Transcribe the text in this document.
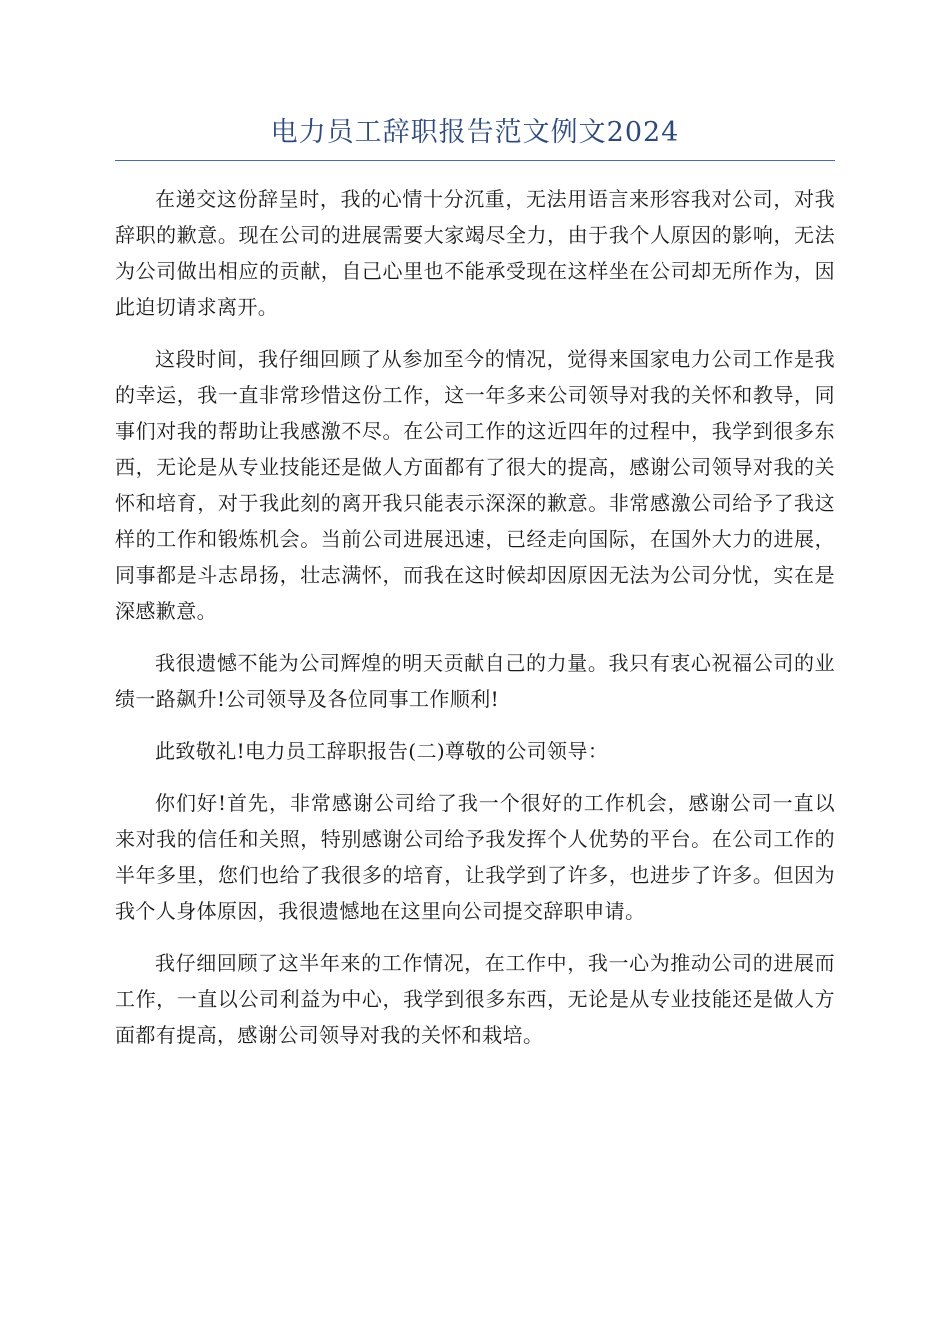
电力员工辞职报告范文例文2024

在递交这份辞呈时，我的心情十分沉重，无法用语言来形容我对公司，对我辞职的歉意。现在公司的进展需要大家竭尽全力，由于我个人原因的影响，无法为公司做出相应的贡献，自己心里也不能承受现在这样坐在公司却无所作为，因此迫切请求离开。

这段时间，我仔细回顾了从参加至今的情况，觉得来国家电力公司工作是我的幸运，我一直非常珍惜这份工作，这一年多来公司领导对我的关怀和教导，同事们对我的帮助让我感激不尽。在公司工作的这近四年的过程中，我学到很多东西，无论是从专业技能还是做人方面都有了很大的提高，感谢公司领导对我的关怀和培育，对于我此刻的离开我只能表示深深的歉意。非常感激公司给予了我这样的工作和锻炼机会。当前公司进展迅速，已经走向国际，在国外大力的进展，同事都是斗志昂扬，壮志满怀，而我在这时候却因原因无法为公司分忧，实在是深感歉意。

我很遗憾不能为公司辉煌的明天贡献自己的力量。我只有衷心祝福公司的业绩一路飙升!公司领导及各位同事工作顺利!

此致敬礼!电力员工辞职报告(二)尊敬的公司领导：

你们好!首先，非常感谢公司给了我一个很好的工作机会，感谢公司一直以来对我的信任和关照，特别感谢公司给予我发挥个人优势的平台。在公司工作的半年多里，您们也给了我很多的培育，让我学到了许多，也进步了许多。但因为我个人身体原因，我很遗憾地在这里向公司提交辞职申请。

我仔细回顾了这半年来的工作情况，在工作中，我一心为推动公司的进展而工作，一直以公司利益为中心，我学到很多东西，无论是从专业技能还是做人方面都有提高，感谢公司领导对我的关怀和栽培。
